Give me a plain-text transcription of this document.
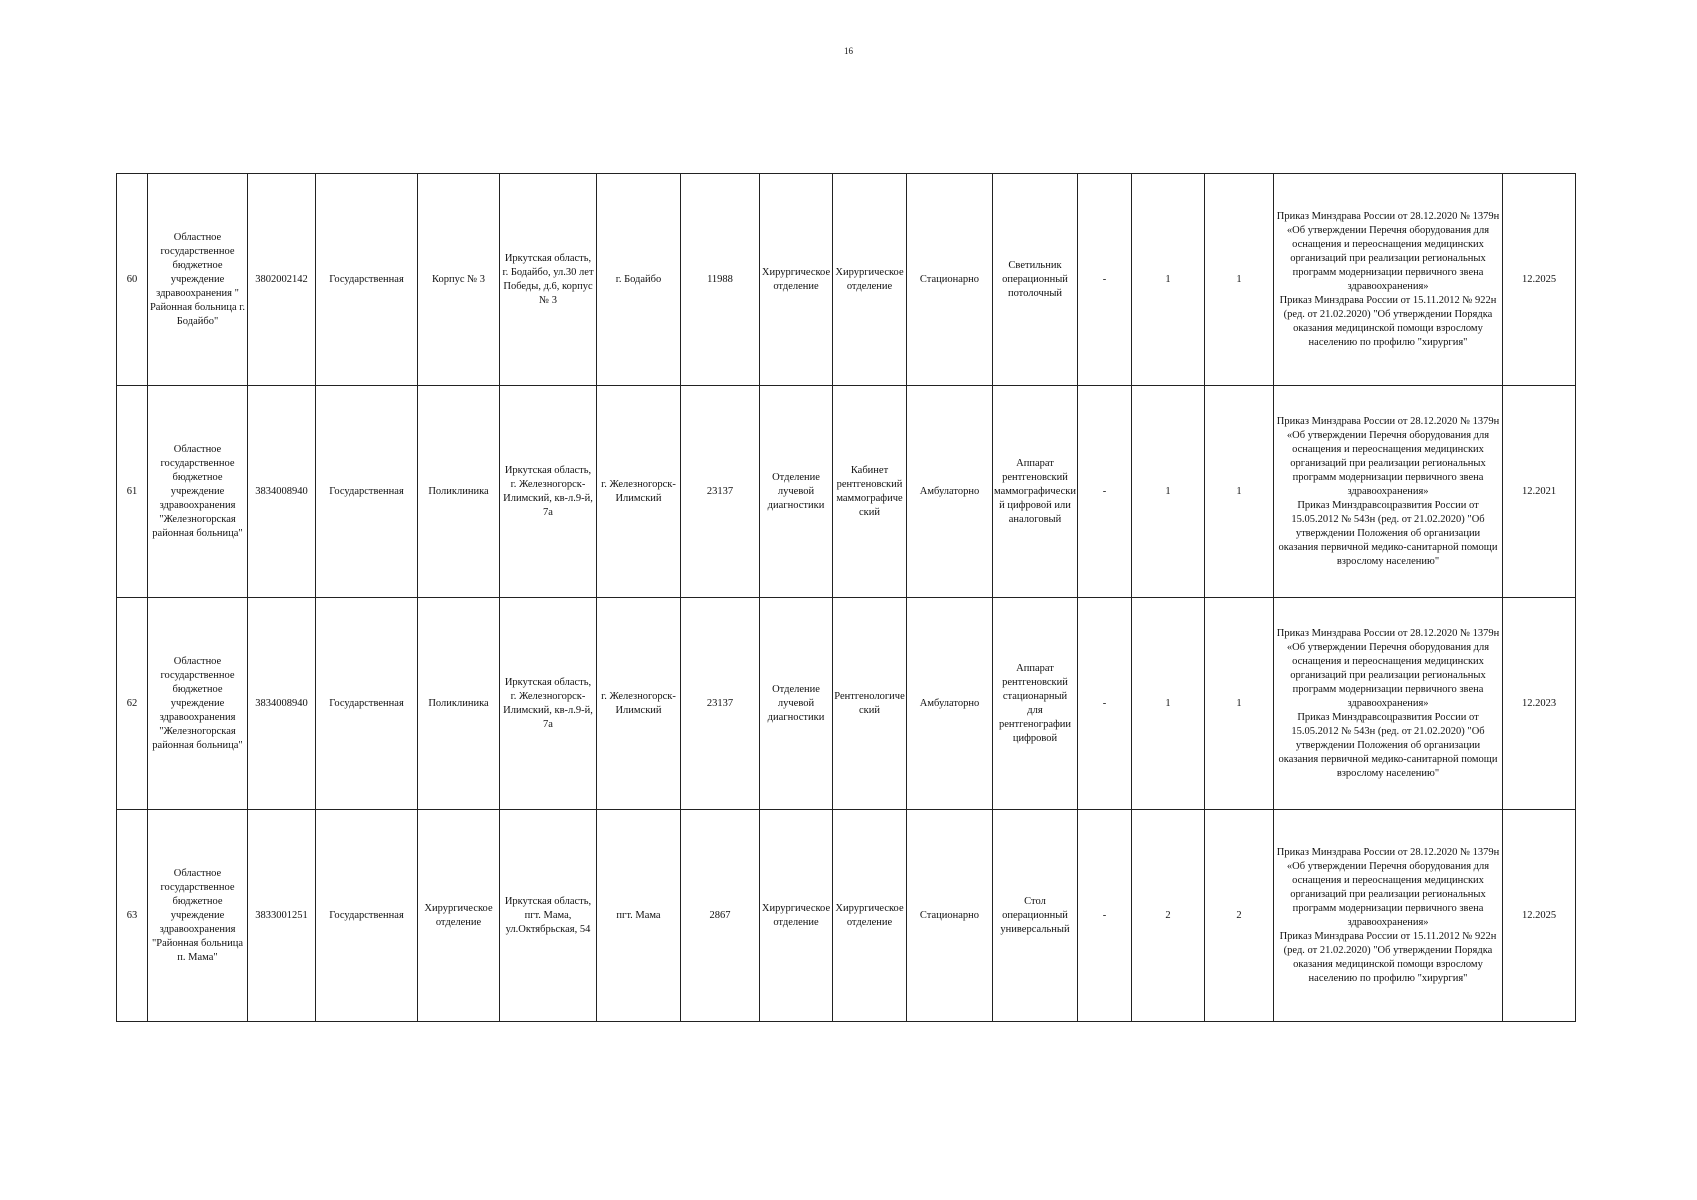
16
60	Областное государственное бюджетное учреждение здравоохранения " Районная больница г. Бодайбо"	3802002142	Государственная	Корпус № 3	Иркутская область, г. Бодайбо, ул.30 лет Победы, д.6, корпус № 3	г. Бодайбо	11988	Хирургическое отделение	Хирургическое отделение	Стационарно	Светильник операционный потолочный	-	1	1	Приказ Минздрава России от 28.12.2020 № 1379н «Об утверждении Перечня оборудования для оснащения и переоснащения медицинских организаций при реализации региональных программ модернизации первичного звена здравоохранения»
Приказ Минздрава России от 15.11.2012 № 922н (ред. от 21.02.2020) "Об утверждении Порядка оказания медицинской помощи взрослому населению по профилю "хирургия"	12.2025
61	Областное государственное бюджетное учреждение здравоохранения "Железногорская районная больница"	3834008940	Государственная	Поликлиника	Иркутская область, г. Железногорск-Илимский, кв-л.9-й, 7а	г. Железногорск-Илимский	23137	Отделение лучевой диагностики	Кабинет рентгеновский маммографический	Амбулаторно	Аппарат рентгеновский маммографический цифровой или аналоговый	-	1	1	Приказ Минздрава России от 28.12.2020 № 1379н «Об утверждении Перечня оборудования для оснащения и переоснащения медицинских организаций при реализации региональных программ модернизации первичного звена здравоохранения»
Приказ Минздравсоцразвития России от 15.05.2012 № 543н (ред. от 21.02.2020) "Об утверждении Положения об организации оказания первичной медико-санитарной помощи взрослому населению"	12.2021
62	Областное государственное бюджетное учреждение здравоохранения "Железногорская районная больница"	3834008940	Государственная	Поликлиника	Иркутская область, г. Железногорск-Илимский, кв-л.9-й, 7а	г. Железногорск-Илимский	23137	Отделение лучевой диагностики	Рентгенологический	Амбулаторно	Аппарат рентгеновский стационарный для рентгенографии цифровой	-	1	1	Приказ Минздрава России от 28.12.2020 № 1379н «Об утверждении Перечня оборудования для оснащения и переоснащения медицинских организаций при реализации региональных программ модернизации первичного звена здравоохранения»
Приказ Минздравсоцразвития России от 15.05.2012 № 543н (ред. от 21.02.2020) "Об утверждении Положения об организации оказания первичной медико-санитарной помощи взрослому населению"	12.2023
63	Областное государственное бюджетное учреждение здравоохранения "Районная больница п. Мама"	3833001251	Государственная	Хирургическое отделение	Иркутская область, пгт. Мама, ул.Октябрьская, 54	пгт. Мама	2867	Хирургическое отделение	Хирургическое отделение	Стационарно	Стол операционный универсальный	-	2	2	Приказ Минздрава России от 28.12.2020 № 1379н «Об утверждении Перечня оборудования для оснащения и переоснащения медицинских организаций при реализации региональных программ модернизации первичного звена здравоохранения»
Приказ Минздрава России от 15.11.2012 № 922н (ред. от 21.02.2020) "Об утверждении Порядка оказания медицинской помощи взрослому населению по профилю "хирургия"	12.2025
